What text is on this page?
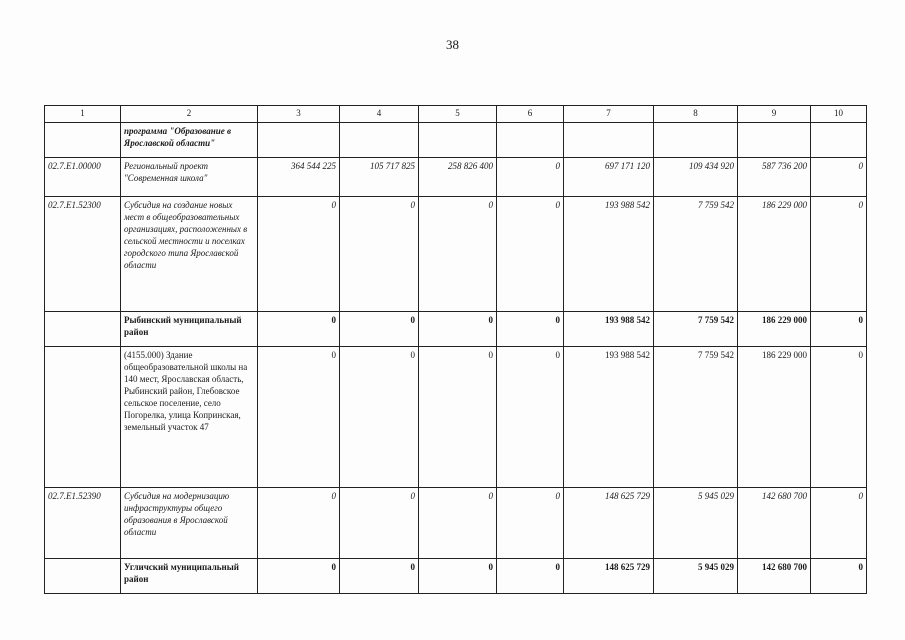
38
1	2	3	4	5	6	7	8	9	10
	программа "Образование в Ярославской области"								
02.7.E1.00000	Региональный проект "Современная школа"	364 544 225	105 717 825	258 826 400	0	697 171 120	109 434 920	587 736 200	0
02.7.E1.52300	Субсидия на создание новых мест в общеобразовательных организациях, расположенных в сельской местности и поселках городского типа Ярославской области	0	0	0	0	193 988 542	7 759 542	186 229 000	0
	Рыбинский муниципальный район	0	0	0	0	193 988 542	7 759 542	186 229 000	0
	(4155.000) Здание общеобразовательной школы на 140 мест, Ярославская область, Рыбинский район, Глебовское сельское поселение, село Погорелка, улица Копринская, земельный участок 47	0	0	0	0	193 988 542	7 759 542	186 229 000	0
02.7.E1.52390	Субсидия на модернизацию инфраструктуры общего образования в Ярославской области	0	0	0	0	148 625 729	5 945 029	142 680 700	0
	Угличский муниципальный район	0	0	0	0	148 625 729	5 945 029	142 680 700	0
